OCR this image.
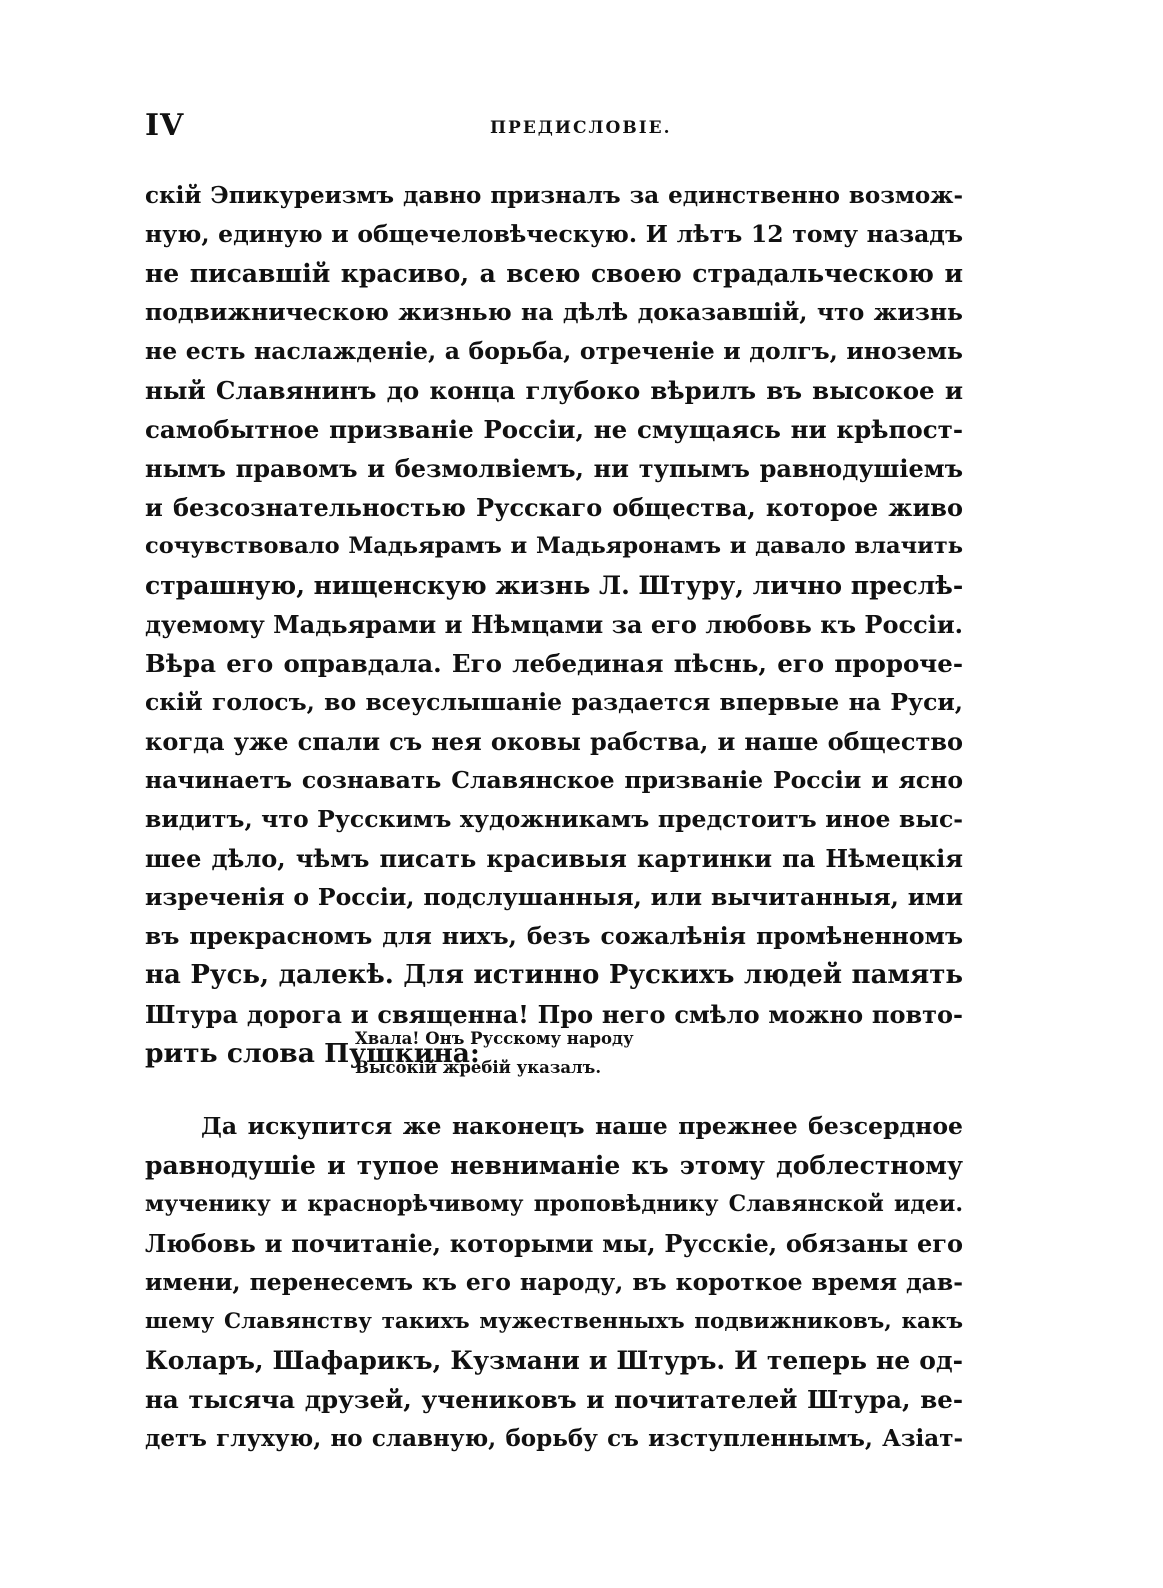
IV	ПРЕДИСЛОВІЕ.
скій Эпикуреизмъ давно призналъ за единственно возмож-
ную, единую и общечеловѣческую. И лѣтъ 12 тому назадъ
не писавшій красиво, а всею своею страдальческою и
подвижническою жизнью на дѣлѣ доказавшій, что жизнь
не есть наслажденіе, а борьба, отреченіе и долгъ, иноземь
ный Славянинъ до конца глубоко вѣрилъ въ высокое и
самобытное призваніе Россіи, не смущаясь ни крѣпост-
нымъ правомъ и безмолвіемъ, ни тупымъ равнодушіемъ
и безсознательностью Русскаго общества, которое живо
сочувствовало Мадьярамъ и Мадьяронамъ и давало влачить
страшную, нищенскую жизнь Л. Штуру, лично преслѣ-
дуемому Мадьярами и Нѣмцами за его любовь къ Россіи.
Вѣра его оправдала. Его лебединая пѣснь, его пророче-
скій голосъ, во всеуслышаніе раздается впервые на Руси,
когда уже спали съ нея оковы рабства, и наше общество
начинаетъ сознавать Славянское призваніе Россіи и ясно
видитъ, что Русскимъ художникамъ предстоитъ иное выс-
шее дѣло, чѣмъ писать красивыя картинки па Нѣмецкія
изреченія о Россіи, подслушанныя, или вычитанныя, ими
въ прекрасномъ для нихъ, безъ сожалѣнія промѣненномъ
на Русь, далекѣ. Для истинно Рускихъ людей память
Штура дорога и священна! Про него смѣло можно повто-
рить слова Пушкина:
Хвала! Онъ Русскому народу
Высокій жребій указалъ.
Да искупится же наконецъ наше прежнее безсердное
равнодушіе и тупое невниманіе къ этому доблестному
мученику и краснорѣчивому проповѣднику Славянской идеи.
Любовь и почитаніе, которыми мы, Русскіе, обязаны его
имени, перенесемъ къ его народу, въ короткое время дав-
шему Славянству такихъ мужественныхъ подвижниковъ, какъ
Коларъ, Шафарикъ, Кузмани и Штуръ. И теперь не од-
на тысяча друзей, учениковъ и почитателей Штура, ве-
детъ глухую, но славную, борьбу съ изступленнымъ, Азіат-
